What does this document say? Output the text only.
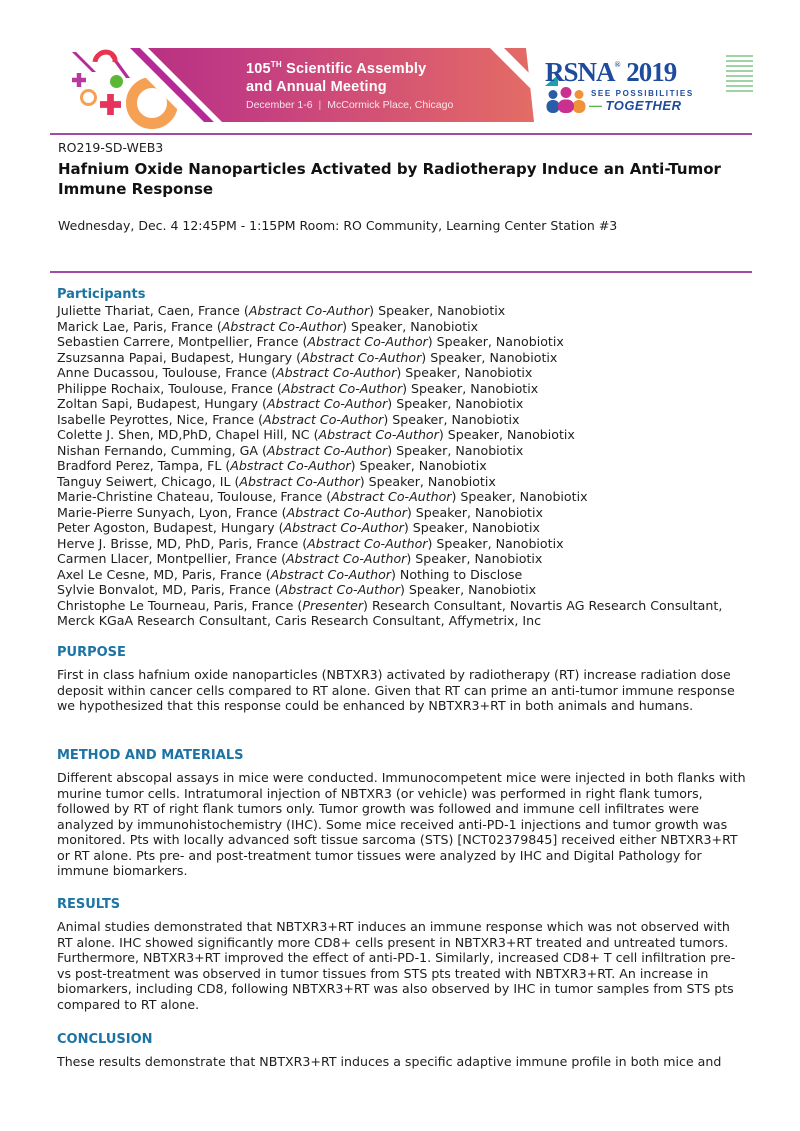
105TH Scientific Assembly
and Annual Meeting
December 1-6 | McCormick Place, Chicago
RSNA® 2019
SEE POSSIBILITIES
— TOGETHER
RO219-SD-WEB3
Hafnium Oxide Nanoparticles Activated by Radiotherapy Induce an Anti-Tumor Immune Response
Wednesday, Dec. 4 12:45PM - 1:15PM Room: RO Community, Learning Center Station #3
Participants
Juliette Thariat, Caen, France (Abstract Co-Author) Speaker, Nanobiotix
Marick Lae, Paris, France (Abstract Co-Author) Speaker, Nanobiotix
Sebastien Carrere, Montpellier, France (Abstract Co-Author) Speaker, Nanobiotix
Zsuzsanna Papai, Budapest, Hungary (Abstract Co-Author) Speaker, Nanobiotix
Anne Ducassou, Toulouse, France (Abstract Co-Author) Speaker, Nanobiotix
Philippe Rochaix, Toulouse, France (Abstract Co-Author) Speaker, Nanobiotix
Zoltan Sapi, Budapest, Hungary (Abstract Co-Author) Speaker, Nanobiotix
Isabelle Peyrottes, Nice, France (Abstract Co-Author) Speaker, Nanobiotix
Colette J. Shen, MD,PhD, Chapel Hill, NC (Abstract Co-Author) Speaker, Nanobiotix
Nishan Fernando, Cumming, GA (Abstract Co-Author) Speaker, Nanobiotix
Bradford Perez, Tampa, FL (Abstract Co-Author) Speaker, Nanobiotix
Tanguy Seiwert, Chicago, IL (Abstract Co-Author) Speaker, Nanobiotix
Marie-Christine Chateau, Toulouse, France (Abstract Co-Author) Speaker, Nanobiotix
Marie-Pierre Sunyach, Lyon, France (Abstract Co-Author) Speaker, Nanobiotix
Peter Agoston, Budapest, Hungary (Abstract Co-Author) Speaker, Nanobiotix
Herve J. Brisse, MD, PhD, Paris, France (Abstract Co-Author) Speaker, Nanobiotix
Carmen Llacer, Montpellier, France (Abstract Co-Author) Speaker, Nanobiotix
Axel Le Cesne, MD, Paris, France (Abstract Co-Author) Nothing to Disclose
Sylvie Bonvalot, MD, Paris, France (Abstract Co-Author) Speaker, Nanobiotix
Christophe Le Tourneau, Paris, France (Presenter) Research Consultant, Novartis AG Research Consultant, Merck KGaA Research Consultant, Caris Research Consultant, Affymetrix, Inc
PURPOSE
First in class hafnium oxide nanoparticles (NBTXR3) activated by radiotherapy (RT) increase radiation dose deposit within cancer cells compared to RT alone. Given that RT can prime an anti-tumor immune response we hypothesized that this response could be enhanced by NBTXR3+RT in both animals and humans.
METHOD AND MATERIALS
Different abscopal assays in mice were conducted. Immunocompetent mice were injected in both flanks with murine tumor cells. Intratumoral injection of NBTXR3 (or vehicle) was performed in right flank tumors, followed by RT of right flank tumors only. Tumor growth was followed and immune cell infiltrates were analyzed by immunohistochemistry (IHC). Some mice received anti-PD-1 injections and tumor growth was monitored. Pts with locally advanced soft tissue sarcoma (STS) [NCT02379845] received either NBTXR3+RT or RT alone. Pts pre- and post-treatment tumor tissues were analyzed by IHC and Digital Pathology for immune biomarkers.
RESULTS
Animal studies demonstrated that NBTXR3+RT induces an immune response which was not observed with RT alone. IHC showed significantly more CD8+ cells present in NBTXR3+RT treated and untreated tumors. Furthermore, NBTXR3+RT improved the effect of anti-PD-1. Similarly, increased CD8+ T cell infiltration pre- vs post-treatment was observed in tumor tissues from STS pts treated with NBTXR3+RT. An increase in biomarkers, including CD8, following NBTXR3+RT was also observed by IHC in tumor samples from STS pts compared to RT alone.
CONCLUSION
These results demonstrate that NBTXR3+RT induces a specific adaptive immune profile in both mice and
